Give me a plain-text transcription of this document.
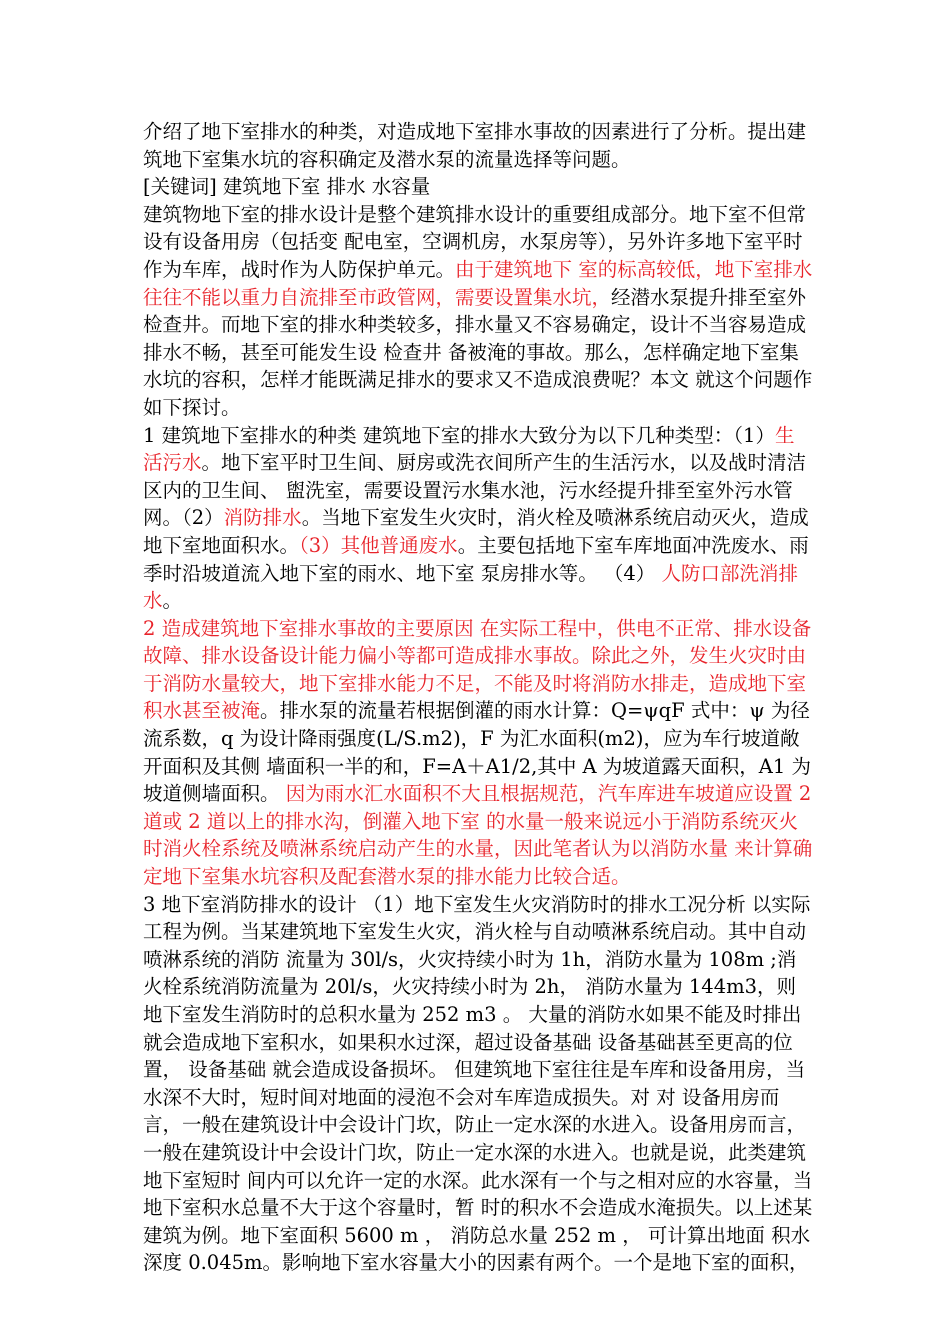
介绍了地下室排水的种类，对造成地下室排水事故的因素进行了分析。提出建筑地下室集水坑的容积确定及潜水泵的流量选择等问题。

[关键词] 建筑地下室 排水 水容量

建筑物地下室的排水设计是整个建筑排水设计的重要组成部分。地下室不但常设有设备用房（包括变 配电室，空调机房，水泵房等），另外许多地下室平时作为车库，战时作为人防保护单元。由于建筑地下 室的标高较低，地下室排水往往不能以重力自流排至市政管网，需要设置集水坑，经潜水泵提升排至室外 检查井。而地下室的排水种类较多，排水量又不容易确定，设计不当容易造成排水不畅，甚至可能发生设 检查井 备被淹的事故。那么，怎样确定地下室集水坑的容积，怎样才能既满足排水的要求又不造成浪费呢？本文 就这个问题作如下探讨。

1 建筑地下室排水的种类 建筑地下室的排水大致分为以下几种类型：（1）生活污水。地下室平时卫生间、厨房或洗衣间所产生的生活污水，以及战时清洁区内的卫生间、 盥洗室，需要设置污水集水池，污水经提升排至室外污水管网。（2）消防排水。当地下室发生火灾时，消火栓及喷淋系统启动灭火，造成地下室地面积水。（3）其他普通废水。主要包括地下室车库地面冲洗废水、雨季时沿坡道流入地下室的雨水、地下室 泵房排水等。 （4） 人防口部洗消排水。

2 造成建筑地下室排水事故的主要原因 在实际工程中，供电不正常、排水设备故障、排水设备设计能力偏小等都可造成排水事故。除此之外，发生火灾时由于消防水量较大，地下室排水能力不足，不能及时将消防水排走，造成地下室积水甚至被淹。排水泵的流量若根据倒灌的雨水计算：Q=ψqF 式中：ψ 为径流系数，q 为设计降雨强度(L/S.m2)，F 为汇水面积(m2)，应为车行坡道敞开面积及其侧 墙面积一半的和，F=A＋A1/2,其中 A 为坡道露天面积，A1 为坡道侧墙面积。 因为雨水汇水面积不大且根据规范，汽车库进车坡道应设置 2 道或 2 道以上的排水沟，倒灌入地下室 的水量一般来说远小于消防系统灭火时消火栓系统及喷淋系统启动产生的水量，因此笔者认为以消防水量 来计算确定地下室集水坑容积及配套潜水泵的排水能力比较合适。

3 地下室消防排水的设计 （1）地下室发生火灾消防时的排水工况分析 以实际工程为例。当某建筑地下室发生火灾，消火栓与自动喷淋系统启动。其中自动喷淋系统的消防 流量为 30l/s，火灾持续小时为 1h，消防水量为 108m ;消火栓系统消防流量为 20l/s，火灾持续小时为 2h， 消防水量为 144m3，则地下室发生消防时的总积水量为 252 m3 。 大量的消防水如果不能及时排出就会造成地下室积水，如果积水过深，超过设备基础 设备基础甚至更高的位置， 设备基础 就会造成设备损坏。 但建筑地下室往往是车库和设备用房，当水深不大时，短时间对地面的浸泡不会对车库造成损失。对 对 设备用房而言，一般在建筑设计中会设计门坎，防止一定水深的水进入。设备用房而言，一般在建筑设计中会设计门坎，防止一定水深的水进入。也就是说，此类建筑地下室短时 间内可以允许一定的水深。此水深有一个与之相对应的水容量，当地下室积水总量不大于这个容量时，暂 时的积水不会造成水淹损失。以上述某建筑为例。地下室面积 5600 m ， 消防总水量 252 m ， 可计算出地面 积水深度 0.045m。影响地下室水容量大小的因素有两个。一个是地下室的面积，
